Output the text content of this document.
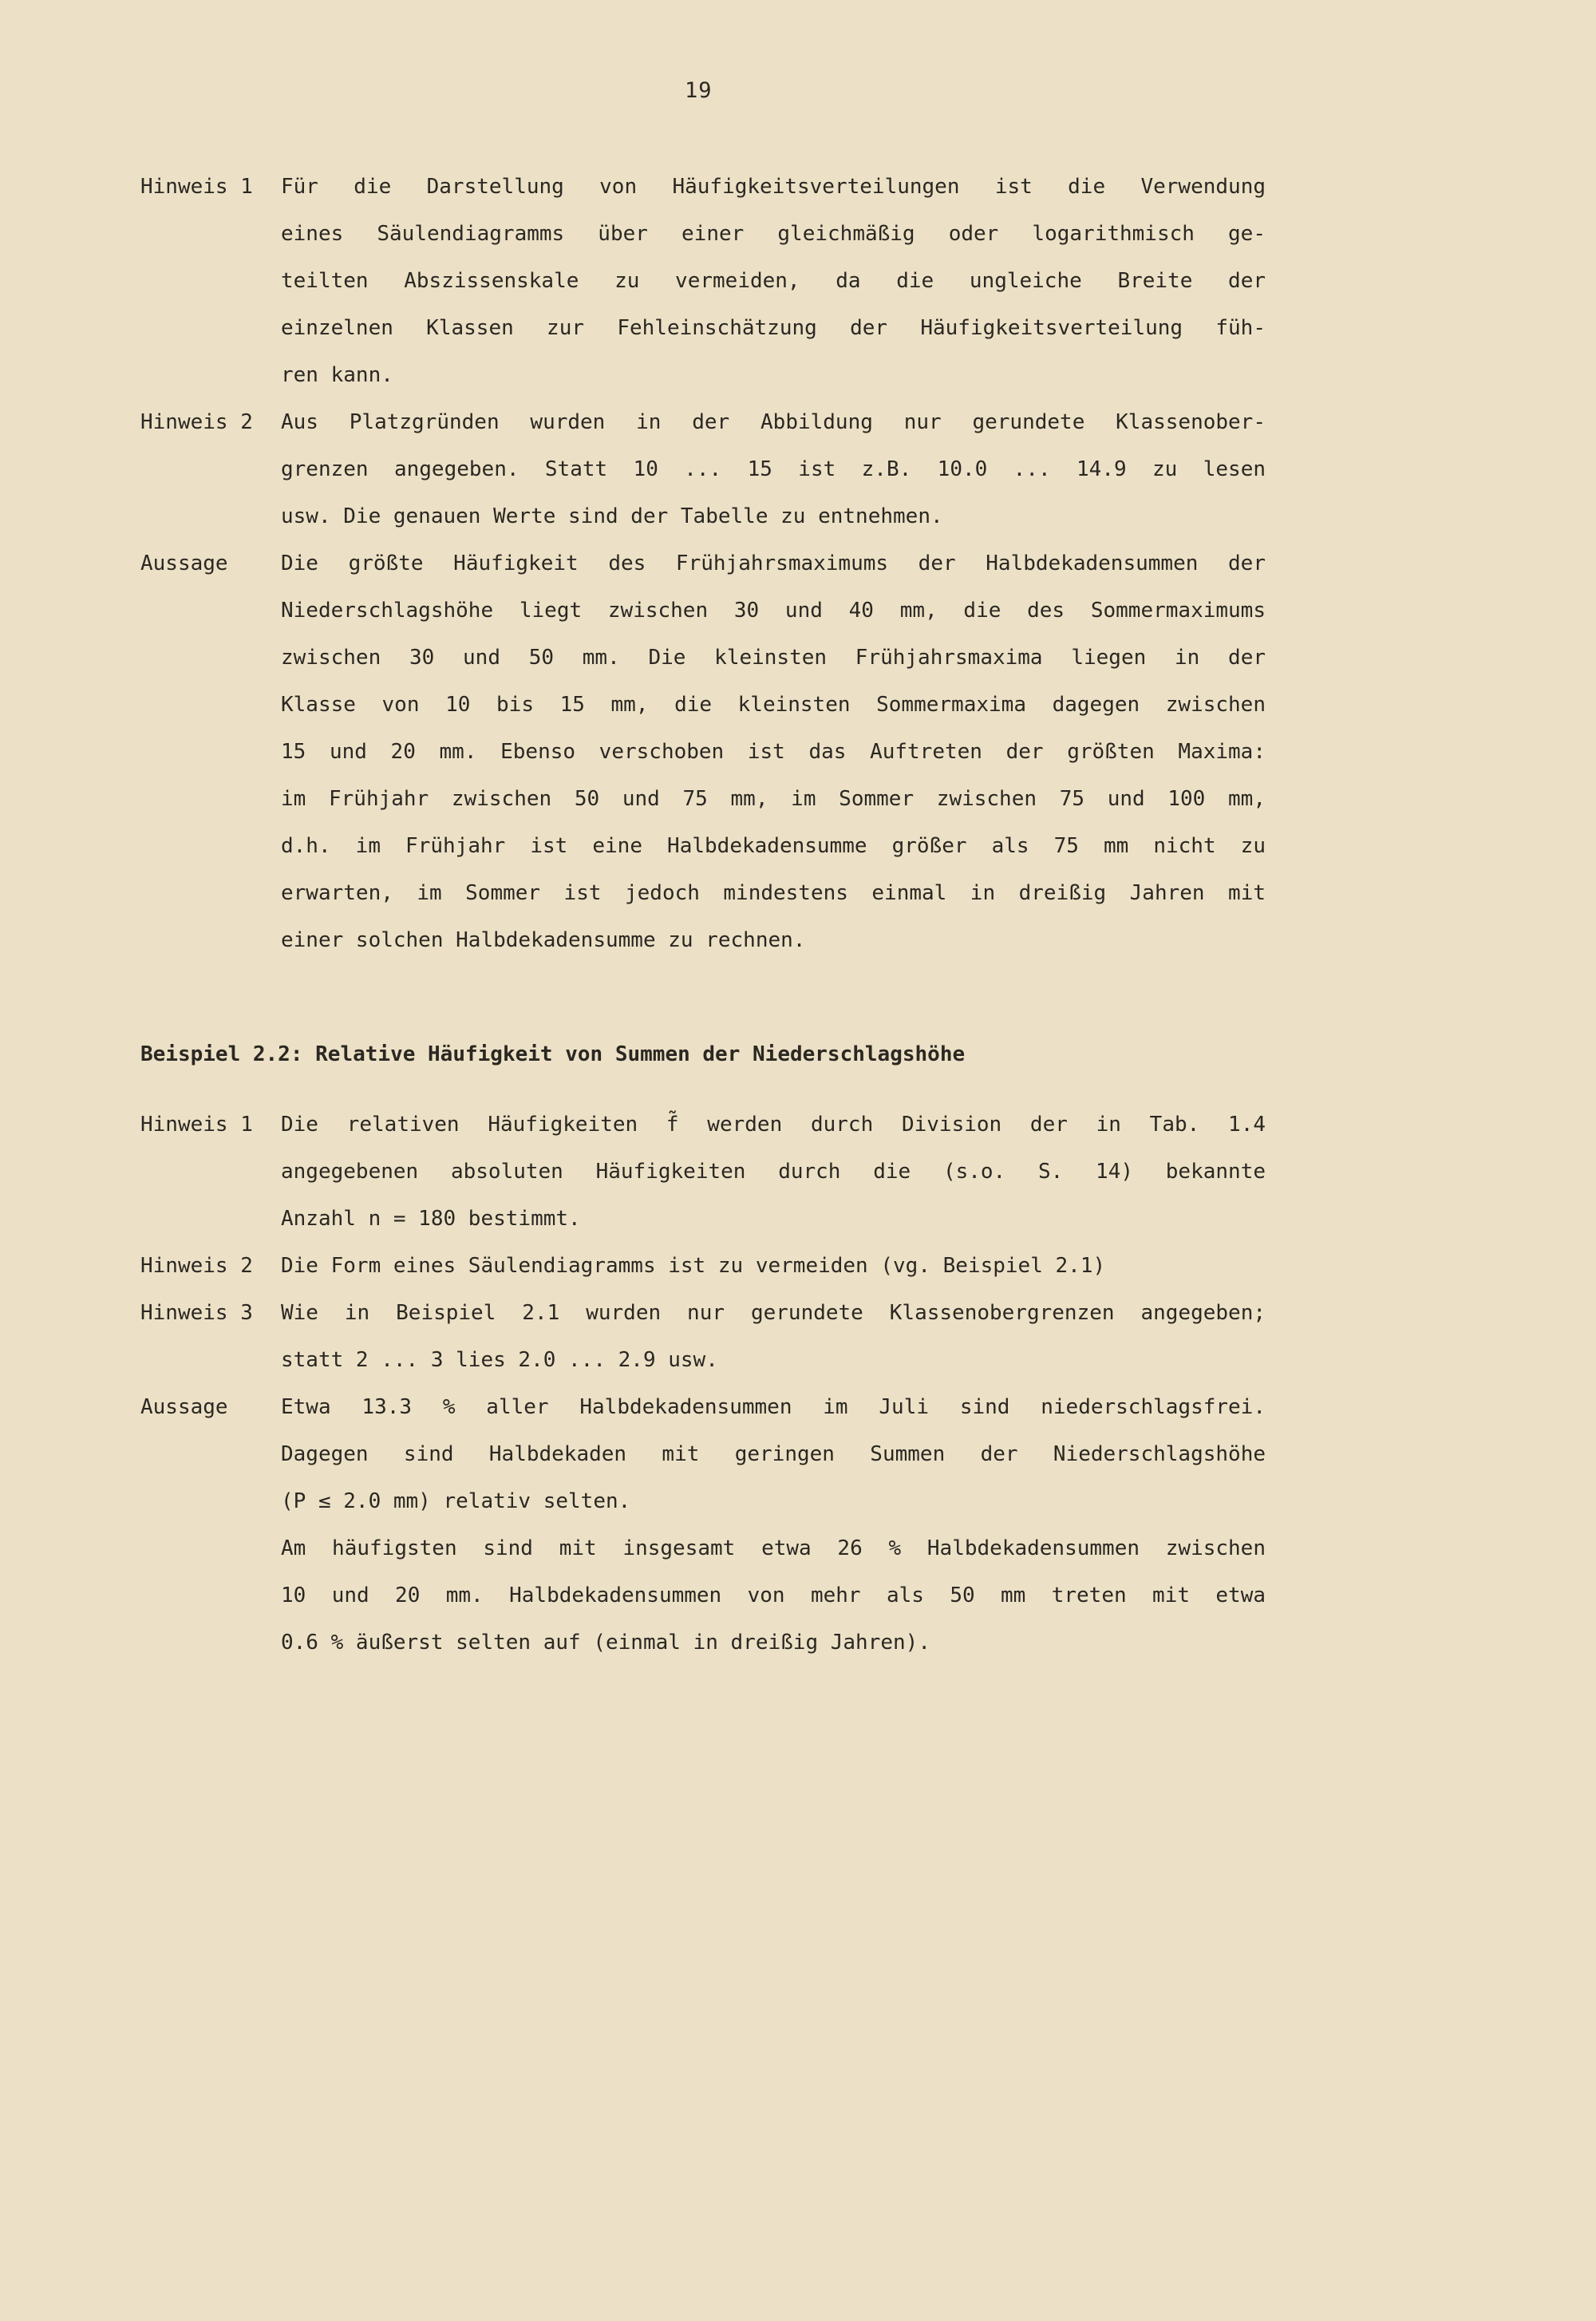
19
Hinweis 1	Für die Darstellung von Häufigkeitsverteilungen ist die Verwendung
eines Säulendiagramms über einer gleichmäßig oder logarithmisch ge-
teilten Abszissenskale zu vermeiden, da die ungleiche Breite der
einzelnen Klassen zur Fehleinschätzung der Häufigkeitsverteilung füh-
ren kann.
Hinweis 2	Aus Platzgründen wurden in der Abbildung nur gerundete Klassenober-
grenzen angegeben. Statt 10 ... 15 ist z.B. 10.0 ... 14.9 zu lesen
usw. Die genauen Werte sind der Tabelle zu entnehmen.
Aussage	Die größte Häufigkeit des Frühjahrsmaximums der Halbdekadensummen der
Niederschlagshöhe liegt zwischen 30 und 40 mm, die des Sommermaximums
zwischen 30 und 50 mm. Die kleinsten Frühjahrsmaxima liegen in der
Klasse von 10 bis 15 mm, die kleinsten Sommermaxima dagegen zwischen
15 und 20 mm. Ebenso verschoben ist das Auftreten der größten Maxima:
im Frühjahr zwischen 50 und 75 mm, im Sommer zwischen 75 und 100 mm,
d.h. im Frühjahr ist eine Halbdekadensumme größer als 75 mm nicht zu
erwarten, im Sommer ist jedoch mindestens einmal in dreißig Jahren mit
einer solchen Halbdekadensumme zu rechnen.
Beispiel 2.2: Relative Häufigkeit von Summen der Niederschlagshöhe
Hinweis 1	Die relativen Häufigkeiten f̃ werden durch Division der in Tab. 1.4
angegebenen absoluten Häufigkeiten durch die (s.o. S. 14) bekannte
Anzahl n = 180 bestimmt.
Hinweis 2	Die Form eines Säulendiagramms ist zu vermeiden (vg. Beispiel 2.1)
Hinweis 3	Wie in Beispiel 2.1 wurden nur gerundete Klassenobergrenzen angegeben;
statt 2 ... 3 lies 2.0 ... 2.9 usw.
Aussage	Etwa 13.3 % aller Halbdekadensummen im Juli sind niederschlagsfrei.
Dagegen sind Halbdekaden mit geringen Summen der Niederschlagshöhe
(P ≤ 2.0 mm) relativ selten.
Am häufigsten sind mit insgesamt etwa 26 % Halbdekadensummen zwischen
10 und 20 mm. Halbdekadensummen von mehr als 50 mm treten mit etwa
0.6 % äußerst selten auf (einmal in dreißig Jahren).
